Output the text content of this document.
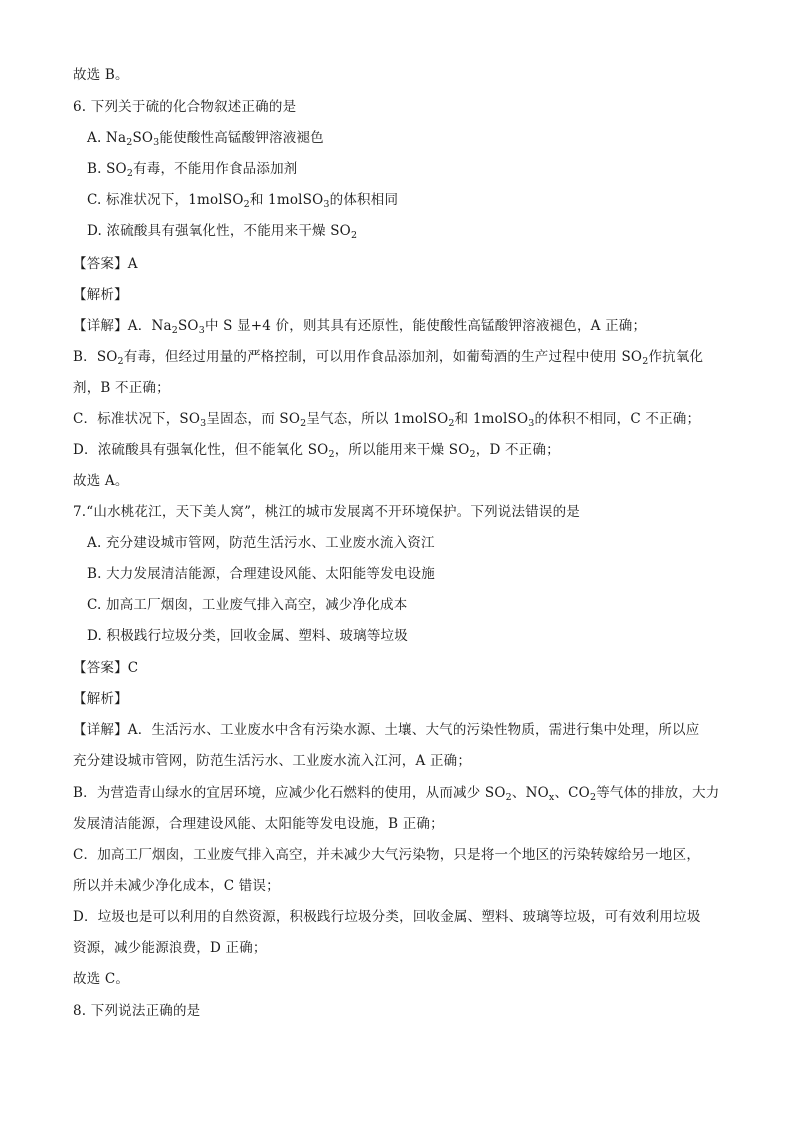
故选 B。
6. 下列关于硫的化合物叙述正确的是
A. $Na_2SO_3$能使酸性高锰酸钾溶液褪色
B. $SO_2$有毒，不能用作食品添加剂
C. 标准状况下，1molSO$_2$和 1molSO$_3$的体积相同
D. 浓硫酸具有强氧化性，不能用来干燥 $SO_2$
【答案】A
【解析】
【详解】A．$Na_2SO_3$中 S 显+4 价，则其具有还原性，能使酸性高锰酸钾溶液褪色，A 正确；
B．$SO_2$有毒，但经过用量的严格控制，可以用作食品添加剂，如葡萄酒的生产过程中使用 $SO_2$作抗氧化
剂，B 不正确；
C．标准状况下，$SO_3$呈固态，而 $SO_2$呈气态，所以 1molSO$_2$和 1molSO$_3$的体积不相同，C 不正确；
D．浓硫酸具有强氧化性，但不能氧化 $SO_2$，所以能用来干燥 $SO_2$，D 不正确；
故选 A。
7.“山水桃花江，天下美人窝”，桃江的城市发展离不开环境保护。下列说法错误的是
A. 充分建设城市管网，防范生活污水、工业废水流入资江
B. 大力发展清洁能源，合理建设风能、太阳能等发电设施
C. 加高工厂烟囱，工业废气排入高空，减少净化成本
D. 积极践行垃圾分类，回收金属、塑料、玻璃等垃圾
【答案】C
【解析】
【详解】A．生活污水、工业废水中含有污染水源、土壤、大气的污染性物质，需进行集中处理，所以应
充分建设城市管网，防范生活污水、工业废水流入江河，A 正确；
B．为营造青山绿水的宜居环境，应减少化石燃料的使用，从而减少 $SO_2$、$NO_x$、$CO_2$等气体的排放，大力
发展清洁能源，合理建设风能、太阳能等发电设施，B 正确；
C．加高工厂烟囱，工业废气排入高空，并未减少大气污染物，只是将一个地区的污染转嫁给另一地区，
所以并未减少净化成本，C 错误；
D．垃圾也是可以利用的自然资源，积极践行垃圾分类，回收金属、塑料、玻璃等垃圾，可有效利用垃圾
资源，减少能源浪费，D 正确；
故选 C。
8. 下列说法正确的是
